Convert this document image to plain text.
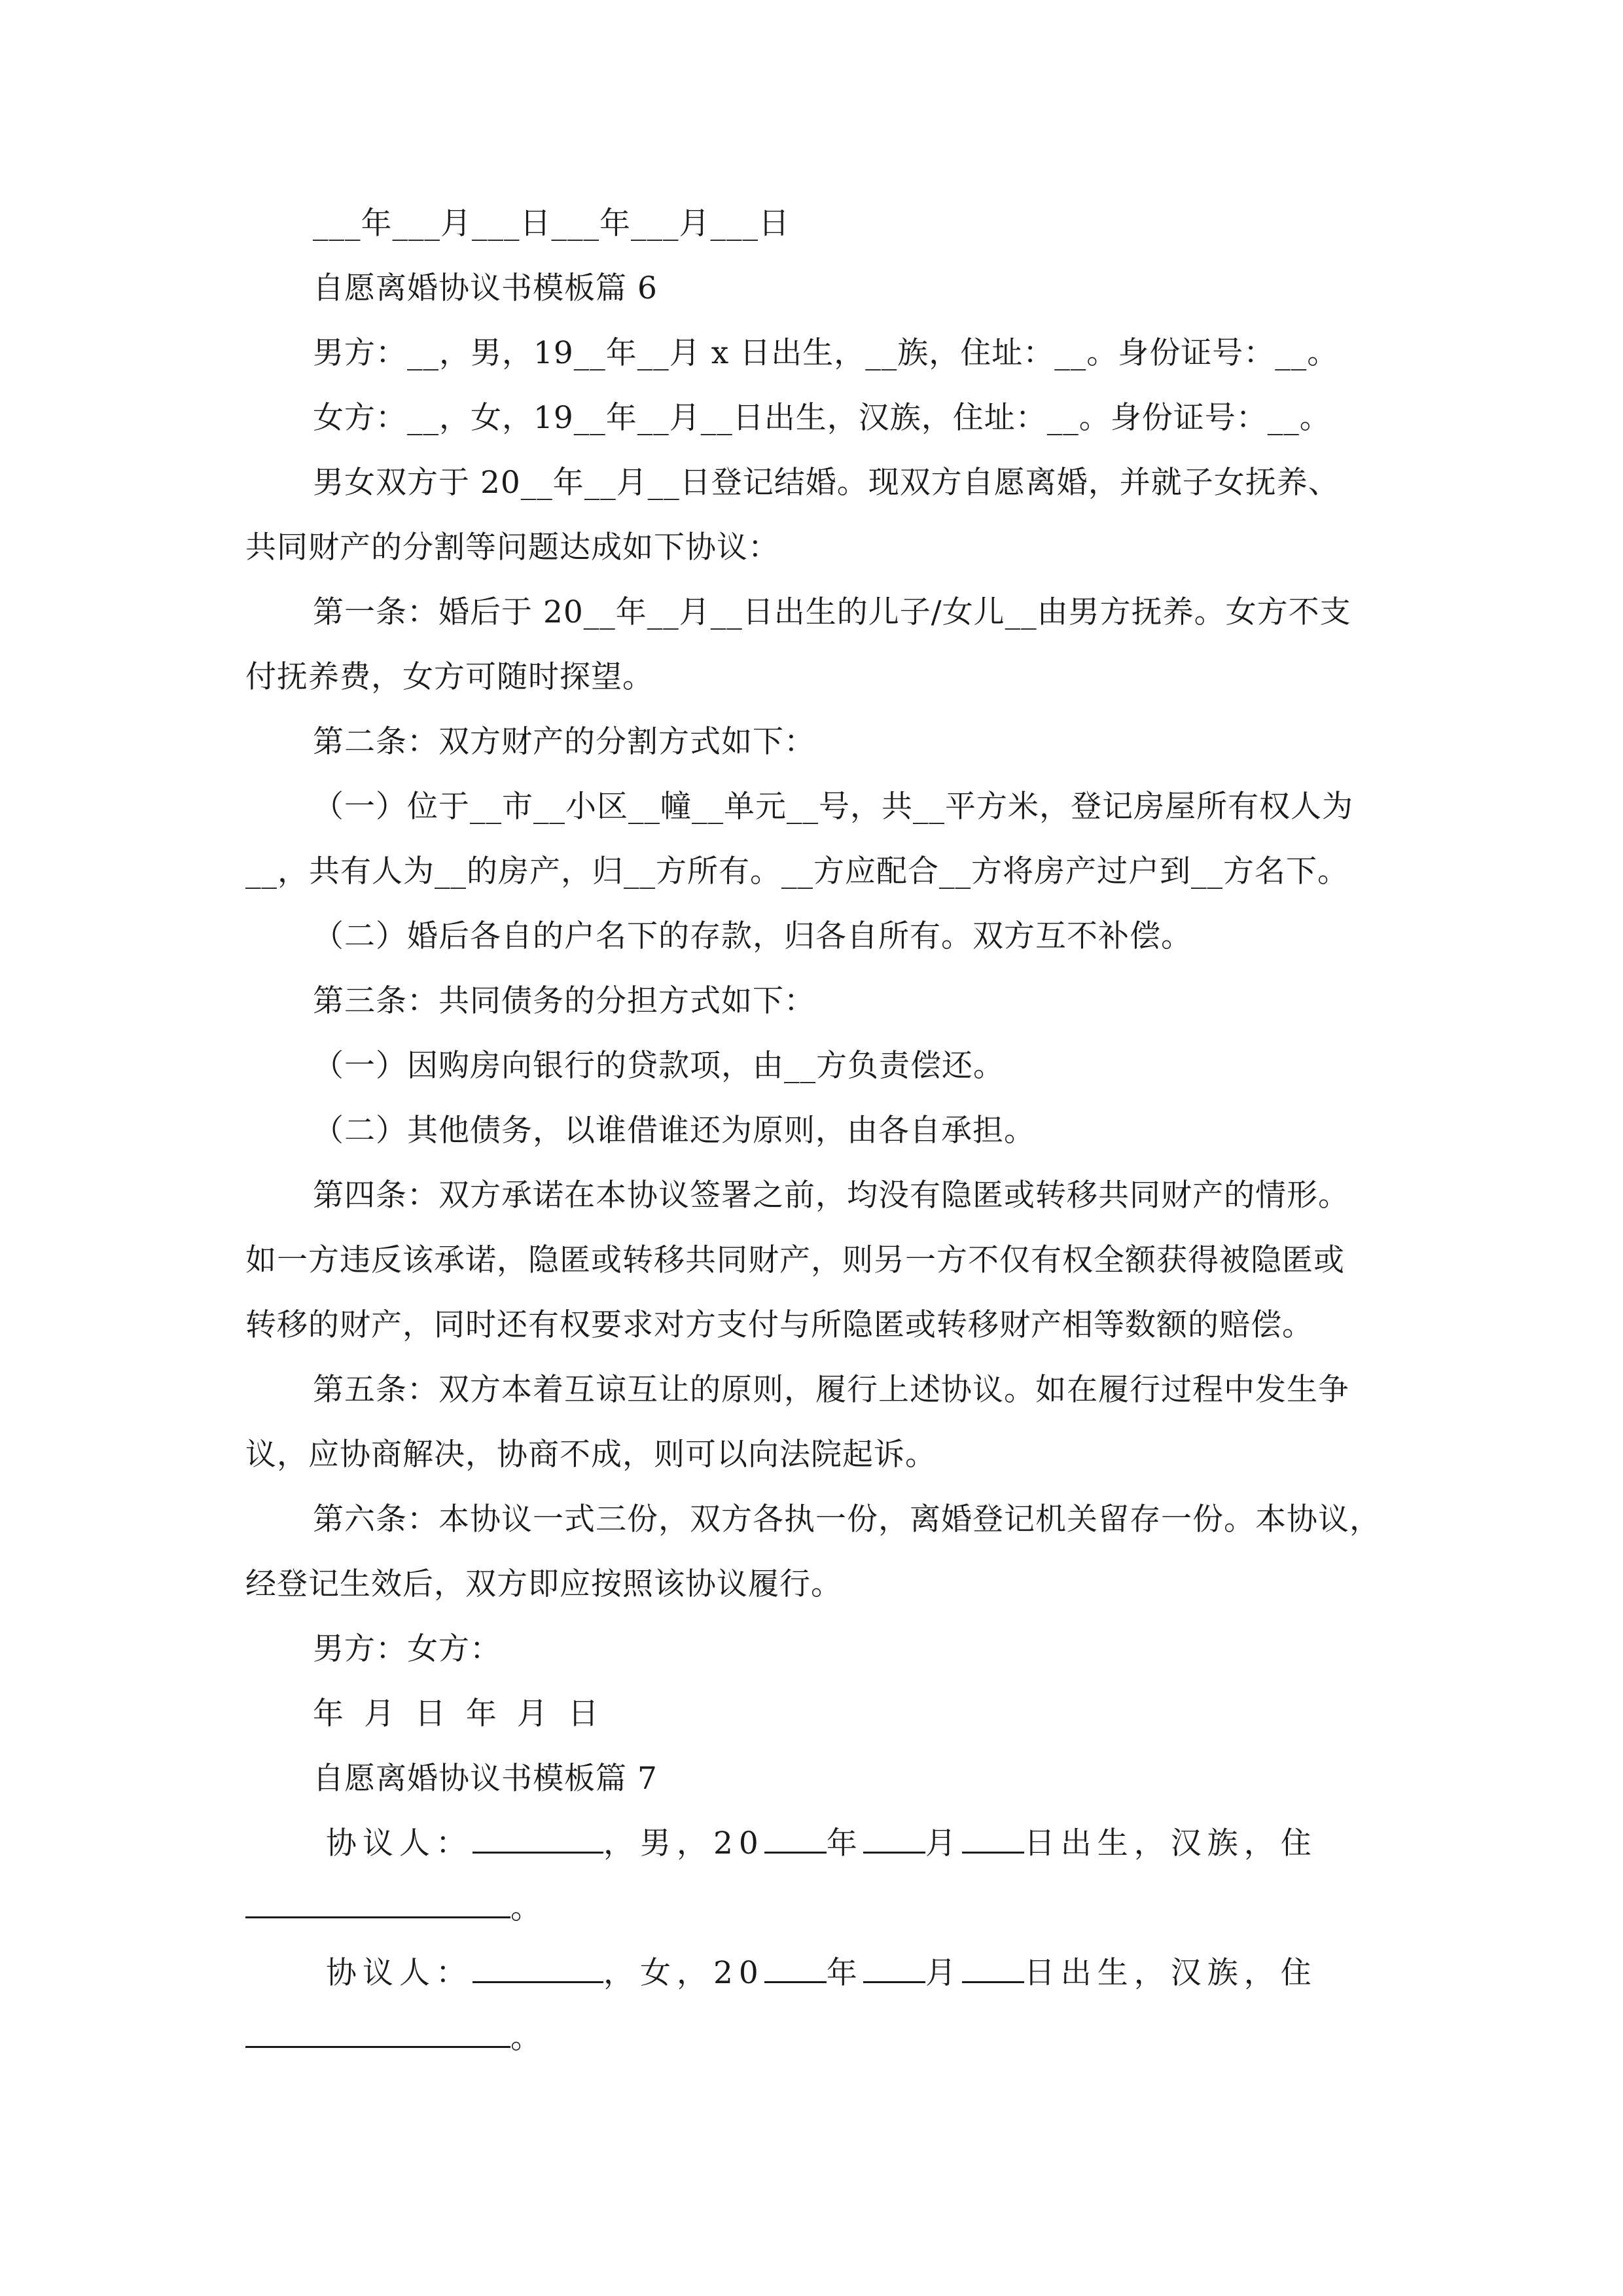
___年___月___日___年___月___日
自愿离婚协议书模板篇 6
男方：__，男，19__年__月 x 日出生，__族，住址：__。身份证号：__。
女方：__，女，19__年__月__日出生，汉族，住址：__。身份证号：__。
男女双方于 20__年__月__日登记结婚。现双方自愿离婚，并就子女抚养、
共同财产的分割等问题达成如下协议：
第一条：婚后于 20__年__月__日出生的儿子/女儿__由男方抚养。女方不支
付抚养费，女方可随时探望。
第二条：双方财产的分割方式如下：
（一）位于__市__小区__幢__单元__号，共__平方米，登记房屋所有权人为
__，共有人为__的房产，归__方所有。__方应配合__方将房产过户到__方名下。
（二）婚后各自的户名下的存款，归各自所有。双方互不补偿。
第三条：共同债务的分担方式如下：
（一）因购房向银行的贷款项，由__方负责偿还。
（二）其他债务，以谁借谁还为原则，由各自承担。
第四条：双方承诺在本协议签署之前，均没有隐匿或转移共同财产的情形。
如一方违反该承诺，隐匿或转移共同财产，则另一方不仅有权全额获得被隐匿或
转移的财产，同时还有权要求对方支付与所隐匿或转移财产相等数额的赔偿。
第五条：双方本着互谅互让的原则，履行上述协议。如在履行过程中发生争
议，应协商解决，协商不成，则可以向法院起诉。
第六条：本协议一式三份，双方各执一份，离婚登记机关留存一份。本协议，
经登记生效后，双方即应按照该协议履行。
男方：女方：
年 月 日 年 月 日
自愿离婚协议书模板篇 7
协议人：	，男，20 年 月 日出生，汉族，住
。
协议人：	，女，20 年 月 日出生，汉族，住
。
